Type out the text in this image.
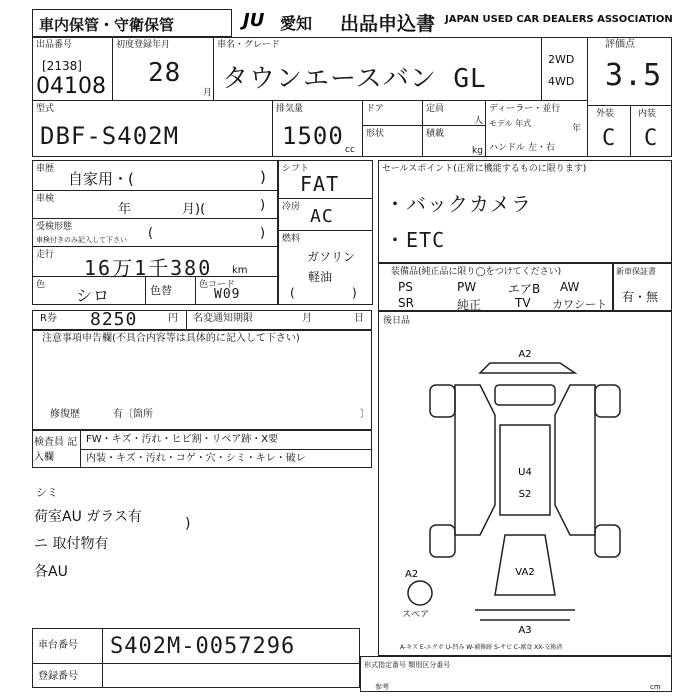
車内保管・守衛保管	JU 愛知 出品申込書 JAPAN USED CAR DEALERS ASSOCIATION
出品番号
[2138]
04108
初度登録年月
28
月
車名・グレード
タウンエースバン GL
2WD
4WD
評価点
3.5
型式
DBF-S402M
排気量
1500 cc
ドア	定員
人
形状	積載
kg
ディーラー・並行
モデル 年式
年
ハンドル 左・右
外装	内装
C C
車歴
自家用・(	)
車検
年	月)(	)
受検形態
車検付きのみ記入して下さい (	)
走行
16万1千380 km
色
シロ	色替	色コード
W09
シフト
FAT
冷房 AC
燃料
ガソリン
軽油
(	)
セールスポイント(正常に機能するものに限ります)
・バックカメラ
・ETC
装備品(純正品に限り◯をつけてください)
PS	PW	エアB AW
SR	純正	TV カワシート
新車保証書
有・無
R券 8250	円 名変通知期限	月	日
注意事項申告欄(不具合内容等は具体的に記入して下さい)
修復歴	有〔箇所	〕
後日品
検査員 記入欄
FW・キズ・汚れ・ヒビ割・リペア跡・X要
内装・キズ・汚れ・コゲ・穴・シミ・キレ・破レ
シミ
荷室AU ガラス有
ニ 取付物有
各AU
)
A2
U4
S2
A2	VA2
A3
スペア
A-キズ E-エクボ U-凹み W-補修跡 S-サビ C-腐食 XX-交換済
車台番号 S402M-0057296
登録番号
形式指定番号 類別区分番号
参考	cm
